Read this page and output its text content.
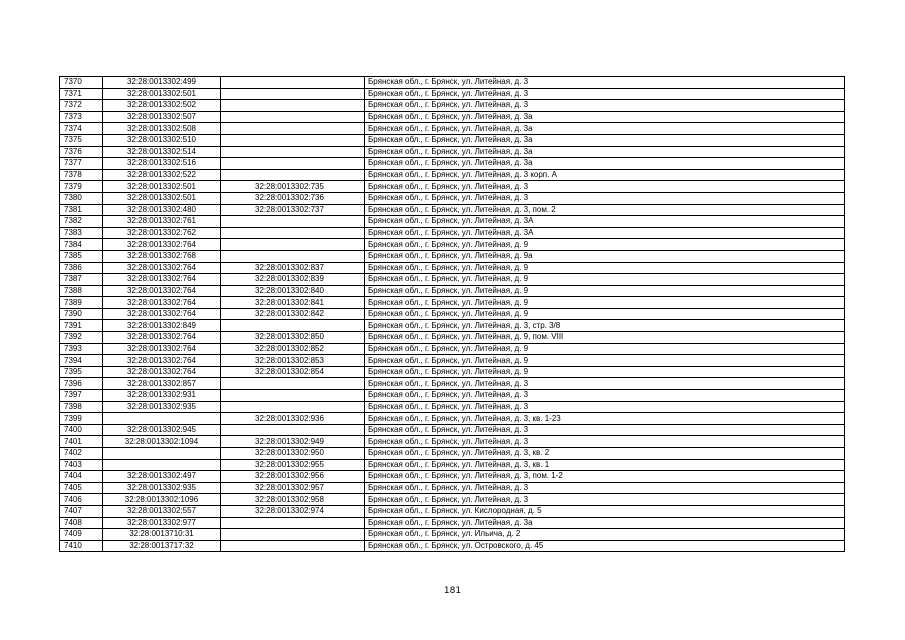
7370	32:28:0013302:499		Брянская обл., г. Брянск, ул. Литейная, д. 3
7371	32:28:0013302:501		Брянская обл., г. Брянск, ул. Литейная, д. 3
7372	32:28:0013302:502		Брянская обл., г. Брянск, ул. Литейная, д. 3
7373	32:28:0013302:507		Брянская обл., г. Брянск, ул. Литейная, д. 3а
7374	32:28:0013302:508		Брянская обл., г. Брянск, ул. Литейная, д. 3а
7375	32:28:0013302:510		Брянская обл., г. Брянск, ул. Литейная, д. 3а
7376	32:28:0013302:514		Брянская обл., г. Брянск, ул. Литейная, д. 3а
7377	32:28:0013302:516		Брянская обл., г. Брянск, ул. Литейная, д. 3а
7378	32:28:0013302:522		Брянская обл., г. Брянск, ул. Литейная, д. 3 корп. А
7379	32:28:0013302:501	32:28:0013302:735	Брянская обл., г. Брянск, ул. Литейная, д. 3
7380	32:28:0013302:501	32:28:0013302:736	Брянская обл., г. Брянск, ул. Литейная, д. 3
7381	32:28:0013302:480	32:28:0013302:737	Брянская обл., г. Брянск, ул. Литейная, д. 3, пом. 2
7382	32:28:0013302:761		Брянская обл., г. Брянск, ул. Литейная, д. 3А
7383	32:28:0013302:762		Брянская обл., г. Брянск, ул. Литейная, д. 3А
7384	32:28:0013302:764		Брянская обл., г. Брянск, ул. Литейная, д. 9
7385	32:28:0013302:768		Брянская обл., г. Брянск, ул. Литейная, д. 9а
7386	32:28:0013302:764	32:28:0013302:837	Брянская обл., г. Брянск, ул. Литейная, д. 9
7387	32:28:0013302:764	32:28:0013302:839	Брянская обл., г. Брянск, ул. Литейная, д. 9
7388	32:28:0013302:764	32:28:0013302:840	Брянская обл., г. Брянск, ул. Литейная, д. 9
7389	32:28:0013302:764	32:28:0013302:841	Брянская обл., г. Брянск, ул. Литейная, д. 9
7390	32:28:0013302:764	32:28:0013302:842	Брянская обл., г. Брянск, ул. Литейная, д. 9
7391	32:28:0013302:849		Брянская обл., г. Брянск, ул. Литейная, д. 3, стр. 3/8
7392	32:28:0013302:764	32:28:0013302:850	Брянская обл., г. Брянск, ул. Литейная, д. 9, пом. VIII
7393	32:28:0013302:764	32:28:0013302:852	Брянская обл., г. Брянск, ул. Литейная, д. 9
7394	32:28:0013302:764	32:28:0013302:853	Брянская обл., г. Брянск, ул. Литейная, д. 9
7395	32:28:0013302:764	32:28:0013302:854	Брянская обл., г. Брянск, ул. Литейная, д. 9
7396	32:28:0013302:857		Брянская обл., г. Брянск, ул. Литейная, д. 3
7397	32:28:0013302:931		Брянская обл., г. Брянск, ул. Литейная, д. 3
7398	32:28:0013302:935		Брянская обл., г. Брянск, ул. Литейная, д. 3
7399		32:28:0013302:936	Брянская обл., г. Брянск, ул. Литейная, д. 3, кв. 1-23
7400	32:28:0013302:945		Брянская обл., г. Брянск, ул. Литейная, д. 3
7401	32:28:0013302:1094	32:28:0013302:949	Брянская обл., г. Брянск, ул. Литейная, д. 3
7402		32:28:0013302:950	Брянская обл., г. Брянск, ул. Литейная, д. 3, кв. 2
7403		32:28:0013302:955	Брянская обл., г. Брянск, ул. Литейная, д. 3, кв. 1
7404	32:28:0013302:497	32:28:0013302:956	Брянская обл., г. Брянск, ул. Литейная, д. 3, пом. 1-2
7405	32:28:0013302:935	32:28:0013302:957	Брянская обл., г. Брянск, ул. Литейная, д. 3
7406	32:28:0013302:1096	32:28:0013302:958	Брянская обл., г. Брянск, ул. Литейная, д. 3
7407	32:28:0013302:557	32:28:0013302:974	Брянская обл., г. Брянск, ул. Кислородная, д. 5
7408	32:28:0013302:977		Брянская обл., г. Брянск, ул. Литейная, д. 3а
7409	32:28:0013710:31		Брянская обл., г. Брянск, ул. Ильича, д. 2
7410	32:28:0013717:32		Брянская обл., г. Брянск, ул. Островского, д. 45
181
